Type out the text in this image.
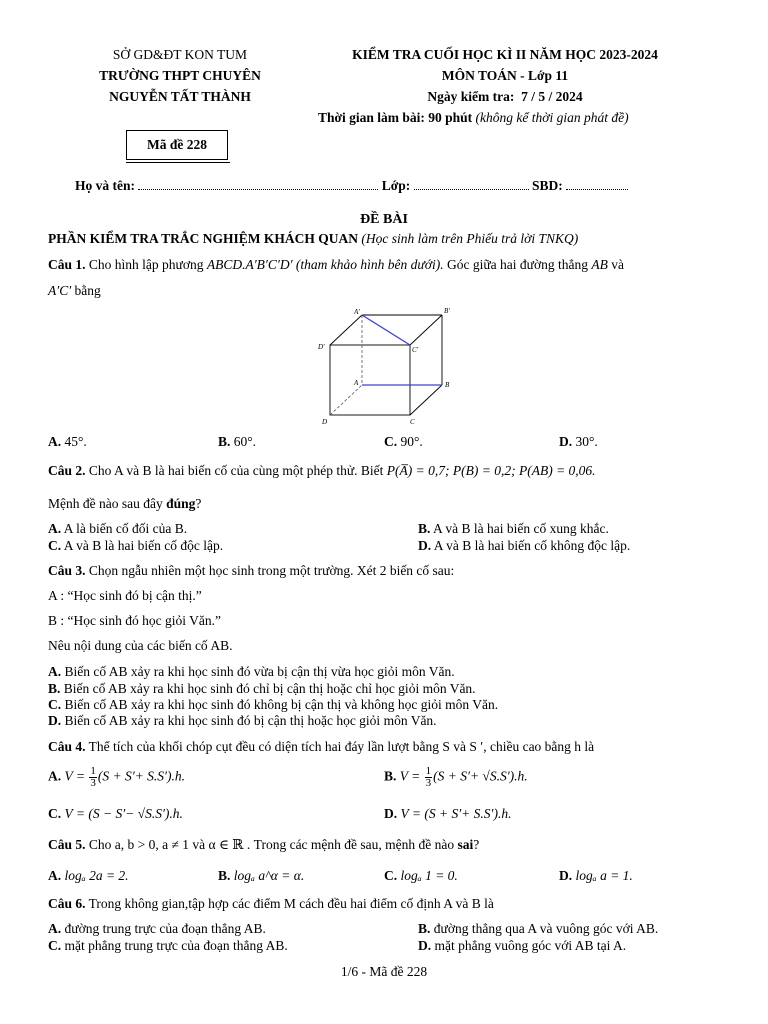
SỞ GD&ĐT KON TUM
TRƯỜNG THPT CHUYÊN
NGUYỄN TẤT THÀNH
KIỂM TRA CUỐI HỌC KÌ II NĂM HỌC 2023-2024
MÔN TOÁN - Lớp 11
Ngày kiểm tra: 7 / 5 / 2024
Thời gian làm bài: 90 phút (không kể thời gian phát đề)
Mã đề 228
Họ và tên:	Lớp:	SBD:
ĐỀ BÀI
PHẦN KIỂM TRA TRẮC NGHIỆM KHÁCH QUAN (Học sinh làm trên Phiếu trả lời TNKQ)
Câu 1. Cho hình lập phương ABCD.A′B′C′D′ (tham khảo hình bên dưới). Góc giữa hai đường thẳng AB và
A′C′ bằng
A′	B′
C′
D′
A	B
C
D
A. 45°.	B. 60°.	C. 90°.	D. 30°.
Câu 2. Cho A và B là hai biến cố của cùng một phép thử. Biết P(A̅) = 0,7; P(B) = 0,2; P(AB) = 0,06.
Mệnh đề nào sau đây đúng?
A. A là biến cố đối của B.	B. A và B là hai biến cố xung khắc.
C. A và B là hai biến cố độc lập.	D. A và B là hai biến cố không độc lập.
Câu 3. Chọn ngẫu nhiên một học sinh trong một trường. Xét 2 biến cố sau:
A : “Học sinh đó bị cận thị.”
B : “Học sinh đó học giỏi Văn.”
Nêu nội dung của các biến cố AB.
A. Biến cố AB xảy ra khi học sinh đó vừa bị cận thị vừa học giỏi môn Văn.
B. Biến cố AB xảy ra khi học sinh đó chỉ bị cận thị hoặc chỉ học giỏi môn Văn.
C. Biến cố AB xảy ra khi học sinh đó không bị cận thị và không học giỏi môn Văn.
D. Biến cố AB xảy ra khi học sinh đó bị cận thị hoặc học giỏi môn Văn.
Câu 4. Thể tích của khối chóp cụt đều có diện tích hai đáy lần lượt bằng S và S ′, chiều cao bằng h là
A. $V = \frac{1}{3} (S + S'+ S.S').h$.	B. $V = \frac{1}{3} (S + S'+ √S.S').h$.
C. V = (S − S′− √S.S′).h.	D. V = (S + S′+ S.S′).h.
Câu 5. Cho a, b > 0, a ≠ 1 và α ∈ ℝ . Trong các mệnh đề sau, mệnh đề nào sai?
A. logₐ 2a = 2.	B. logₐ a^α = α.	C. logₐ 1 = 0.	D. logₐ a = 1.
Câu 6. Trong không gian,tập hợp các điểm M cách đều hai điểm cố định A và B là
A. đường trung trực của đoạn thẳng AB.	B. đường thẳng qua A và vuông góc với AB.
C. mặt phẳng trung trực của đoạn thẳng AB.	D. mặt phẳng vuông góc với AB tại A.
1/6 - Mã đề 228
